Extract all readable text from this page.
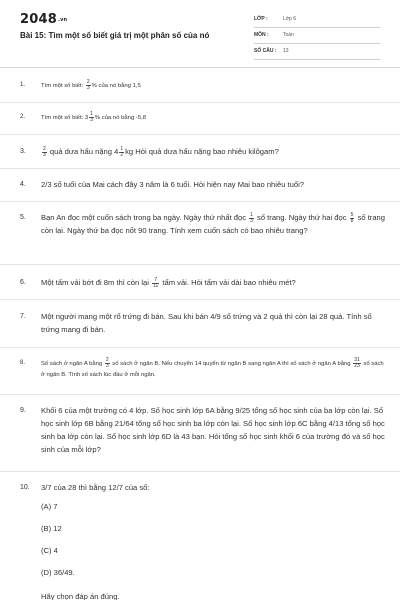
2048.vn
Bài 15: Tìm một số biết giá trị một phân số của nó
LỚP :	Lớp 6
MÔN :	Toán
SỐ CÂU : 13
1.	Tìm một số biết: $\frac{2}{3}$ % của nó bằng 1,5
2.	Tìm một số biết: $3 \frac{1}{3}$ % của nó bằng -5,8
3.	$\frac{2}{3}$ quả dưa hấu nặng $4 \frac{1}{2}$ kg Hỏi quả dưa hấu nặng bao nhiêu kilôgam?
4. 2/3 số tuổi của Mai cách đây 3 năm là 6 tuổi. Hỏi hiện nay Mai bao nhiêu tuổi?
5. Bạn An đọc một cuốn sách trong ba ngày. Ngày thứ nhất đọc $\frac{1}{3}$ số trang. Ngày thứ hai đọc $\frac{5}{8}$ số trang còn lại. Ngày thứ ba đọc nốt 90 trang. Tính xem cuốn sách có bao nhiêu trang?
6. Một tấm vải bớt đi 8m thì còn lại $\frac{7}{11}$ tấm vải. Hỏi tấm vải dài bao nhiêu mét?
7. Một người mang một rổ trứng đi bán. Sau khi bán 4/9 số trứng và 2 quả thì còn lại 28 quả. Tính số trứng mang đi bán.
8.	Số sách ở ngăn A bằng $\frac{2}{3}$ số sách ở ngăn B. Nếu chuyển 14 quyển từ ngăn B sang ngăn A thì số sách ở ngăn A bằng $\frac{31}{23}$ số sách ở ngăn B. Tính số sách lúc đầu ở mỗi ngăn.
9. Khối 6 của một trường có 4 lớp. Số học sinh lớp 6A bằng 9/25 tổng số học sinh của ba lớp còn lại. Số học sinh lớp 6B bằng 21/64 tổng số học sinh ba lớp còn lại. Số học sinh lớp 6C bằng 4/13 tổng số học sinh ba lớp còn lại. Số học sinh lớp 6D là 43 bạn. Hỏi tổng số học sinh khối 6 của trường đó và số học sinh của mỗi lớp?
10. 3/7 của 28 thì bằng 12/7 của số:
(A) 7
(B) 12
(C) 4
(D) 36/49.
Hãy chọn đáp án đúng.
